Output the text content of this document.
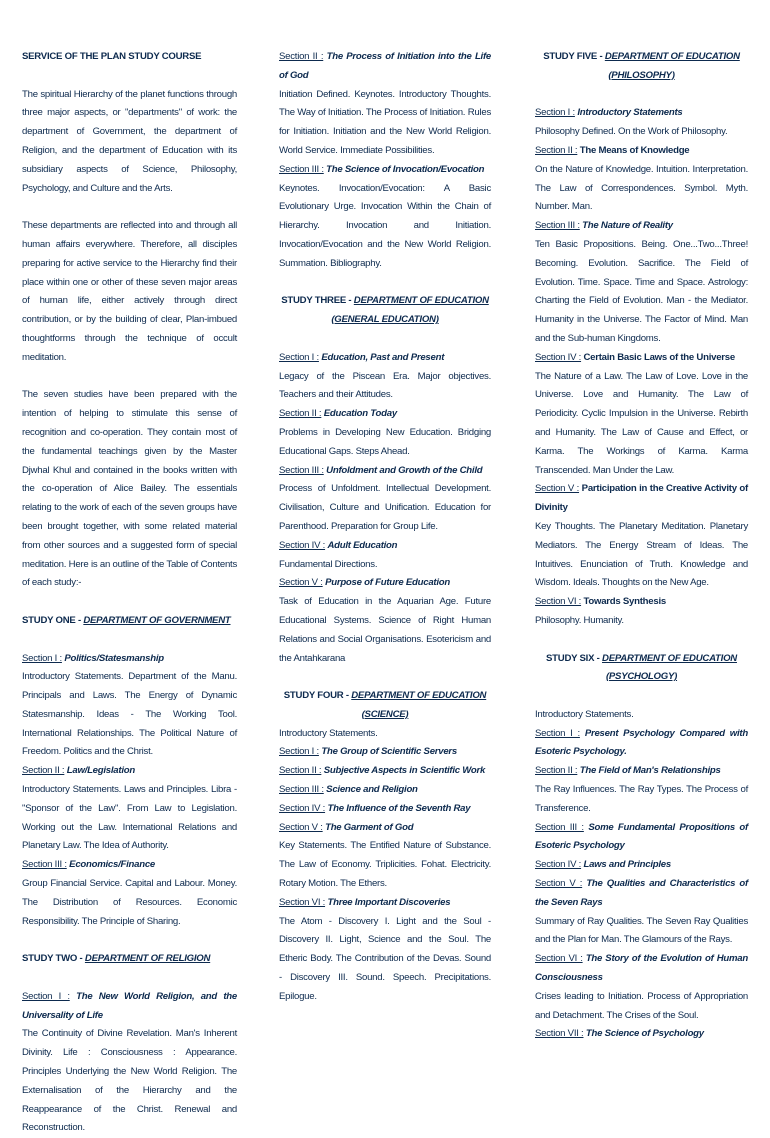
SERVICE OF THE PLAN STUDY COURSE

The spiritual Hierarchy of the planet functions through three major aspects, or "departments" of work: the department of Government, the department of Religion, and the department of Education with its subsidiary aspects of Science, Philosophy, Psychology, and Culture and the Arts.

These departments are reflected into and through all human affairs everywhere. Therefore, all disciples preparing for active service to the Hierarchy find their place within one or other of these seven major areas of human life, either actively through direct contribution, or by the building of clear, Plan-imbued thoughtforms through the technique of occult meditation.

The seven studies have been prepared with the intention of helping to stimulate this sense of recognition and co-operation. They contain most of the fundamental teachings given by the Master Djwhal Khul and contained in the books written with the co-operation of Alice Bailey. The essentials relating to the work of each of the seven groups have been brought together, with some related material from other sources and a suggested form of special meditation. Here is an outline of the Table of Contents of each study:-

STUDY ONE - DEPARTMENT OF GOVERNMENT

Section I : Politics/Statesmanship

Introductory Statements. Department of the Manu. Principals and Laws. The Energy of Dynamic Statesmanship. Ideas - The Working Tool. International Relationships. The Political Nature of Freedom. Politics and the Christ.

Section II : Law/Legislation

Introductory Statements. Laws and Principles. Libra - "Sponsor of the Law". From Law to Legislation. Working out the Law. International Relations and Planetary Law. The Idea of Authority.

Section III : Economics/Finance

Group Financial Service. Capital and Labour. Money. The Distribution of Resources. Economic Responsibility. The Principle of Sharing.

STUDY TWO - DEPARTMENT OF RELIGION

Section I : The New World Religion, and the Universality of Life

The Continuity of Divine Revelation. Man's Inherent Divinity. Life : Consciousness : Appearance. Principles Underlying the New World Religion. The Externalisation of the Hierarchy and the Reappearance of the Christ. Renewal and Reconstruction.

Section II : The Process of Initiation into the Life of God

Initiation Defined. Keynotes. Introductory Thoughts. The Way of Initiation. The Process of Initiation. Rules for Initiation. Initiation and the New World Religion. World Service. Immediate Possibilities.

Section III : The Science of Invocation/Evocation

Keynotes. Invocation/Evocation: A Basic Evolutionary Urge. Invocation Within the Chain of Hierarchy. Invocation and Initiation. Invocation/Evocation and the New World Religion. Summation. Bibliography.

STUDY THREE - DEPARTMENT OF EDUCATION

(GENERAL EDUCATION)

Section I : Education, Past and Present

Legacy of the Piscean Era. Major objectives. Teachers and their Attitudes.

Section II : Education Today

Problems in Developing New Education. Bridging Educational Gaps. Steps Ahead.

Section III : Unfoldment and Growth of the Child

Process of Unfoldment. Intellectual Development. Civilisation, Culture and Unification. Education for Parenthood. Preparation for Group Life.

Section IV : Adult Education

Fundamental Directions.

Section V : Purpose of Future Education

Task of Education in the Aquarian Age. Future Educational Systems. Science of Right Human Relations and Social Organisations. Esotericism and the Antahkarana

STUDY FOUR - DEPARTMENT OF EDUCATION

(SCIENCE)

Introductory Statements.

Section I : The Group of Scientific Servers

Section II : Subjective Aspects in Scientific Work

Section III : Science and Religion

Section IV : The Influence of the Seventh Ray

Section V : The Garment of God

Key Statements. The Entified Nature of Substance. The Law of Economy. Triplicities. Fohat. Electricity. Rotary Motion. The Ethers.

Section VI : Three Important Discoveries

The Atom - Discovery I. Light and the Soul - Discovery II. Light, Science and the Soul. The Etheric Body. The Contribution of the Devas. Sound - Discovery III. Sound. Speech. Precipitations. Epilogue.

STUDY FIVE - DEPARTMENT OF EDUCATION

(PHILOSOPHY)

Section I : Introductory Statements

Philosophy Defined. On the Work of Philosophy.

Section II : The Means of Knowledge

On the Nature of Knowledge. Intuition. Interpretation. The Law of Correspondences. Symbol. Myth. Number. Man.

Section III : The Nature of Reality

Ten Basic Propositions. Being. One...Two...Three! Becoming. Evolution. Sacrifice. The Field of Evolution. Time. Space. Time and Space. Astrology: Charting the Field of Evolution. Man - the Mediator. Humanity in the Universe. The Factor of Mind. Man and the Sub-human Kingdoms.

Section IV : Certain Basic Laws of the Universe

The Nature of a Law. The Law of Love. Love in the Universe. Love and Humanity. The Law of Periodicity. Cyclic Impulsion in the Universe. Rebirth and Humanity. The Law of Cause and Effect, or Karma. The Workings of Karma. Karma Transcended. Man Under the Law.

Section V : Participation in the Creative Activity of Divinity

Key Thoughts. The Planetary Meditation. Planetary Mediators. The Energy Stream of Ideas. The Intuitives. Enunciation of Truth. Knowledge and Wisdom. Ideals. Thoughts on the New Age.

Section VI : Towards Synthesis

Philosophy. Humanity.

STUDY SIX - DEPARTMENT OF EDUCATION

(PSYCHOLOGY)

Introductory Statements.

Section I : Present Psychology Compared with Esoteric Psychology.

Section II : The Field of Man's Relationships

The Ray Influences. The Ray Types. The Process of Transference.

Section III : Some Fundamental Propositions of Esoteric Psychology

Section IV : Laws and Principles

Section V : The Qualities and Characteristics of the Seven Rays

Summary of Ray Qualities. The Seven Ray Qualities and the Plan for Man. The Glamours of the Rays.

Section VI : The Story of the Evolution of Human Consciousness

Crises leading to Initiation. Process of Appropriation and Detachment. The Crises of the Soul.

Section VII : The Science of Psychology
